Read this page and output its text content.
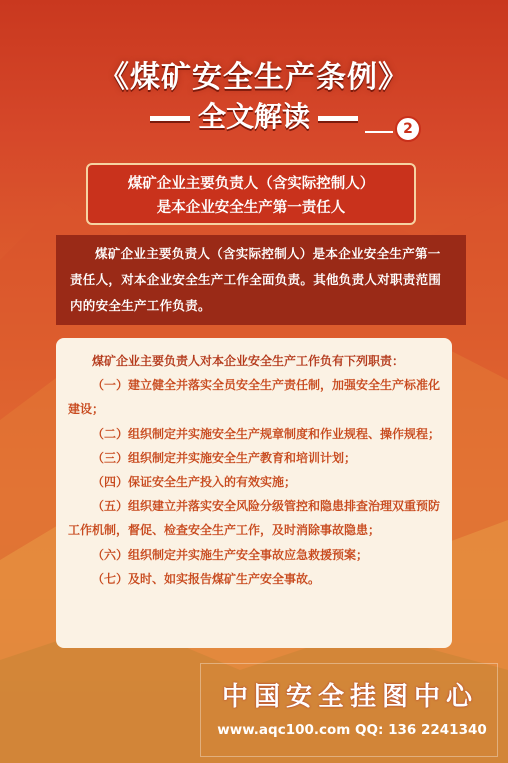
《煤矿安全生产条例》
全文解读	2
煤矿企业主要负责人（含实际控制人）
是本企业安全生产第一责任人

煤矿企业主要负责人（含实际控制人）是本企业安全生产第一责任人，对本企业安全生产工作全面负责。其他负责人对职责范围内的安全生产工作负责。

煤矿企业主要负责人对本企业安全生产工作负有下列职责：

（一）建立健全并落实全员安全生产责任制，加强安全生产标准化建设；

（二）组织制定并实施安全生产规章制度和作业规程、操作规程；

（三）组织制定并实施安全生产教育和培训计划；

（四）保证安全生产投入的有效实施；

（五）组织建立并落实安全风险分级管控和隐患排查治理双重预防工作机制，督促、检查安全生产工作，及时消除事故隐患；

（六）组织制定并实施生产安全事故应急救援预案；

（七）及时、如实报告煤矿生产安全事故。

中国安全挂图中心
www.aqc100.com QQ: 136 2241340
